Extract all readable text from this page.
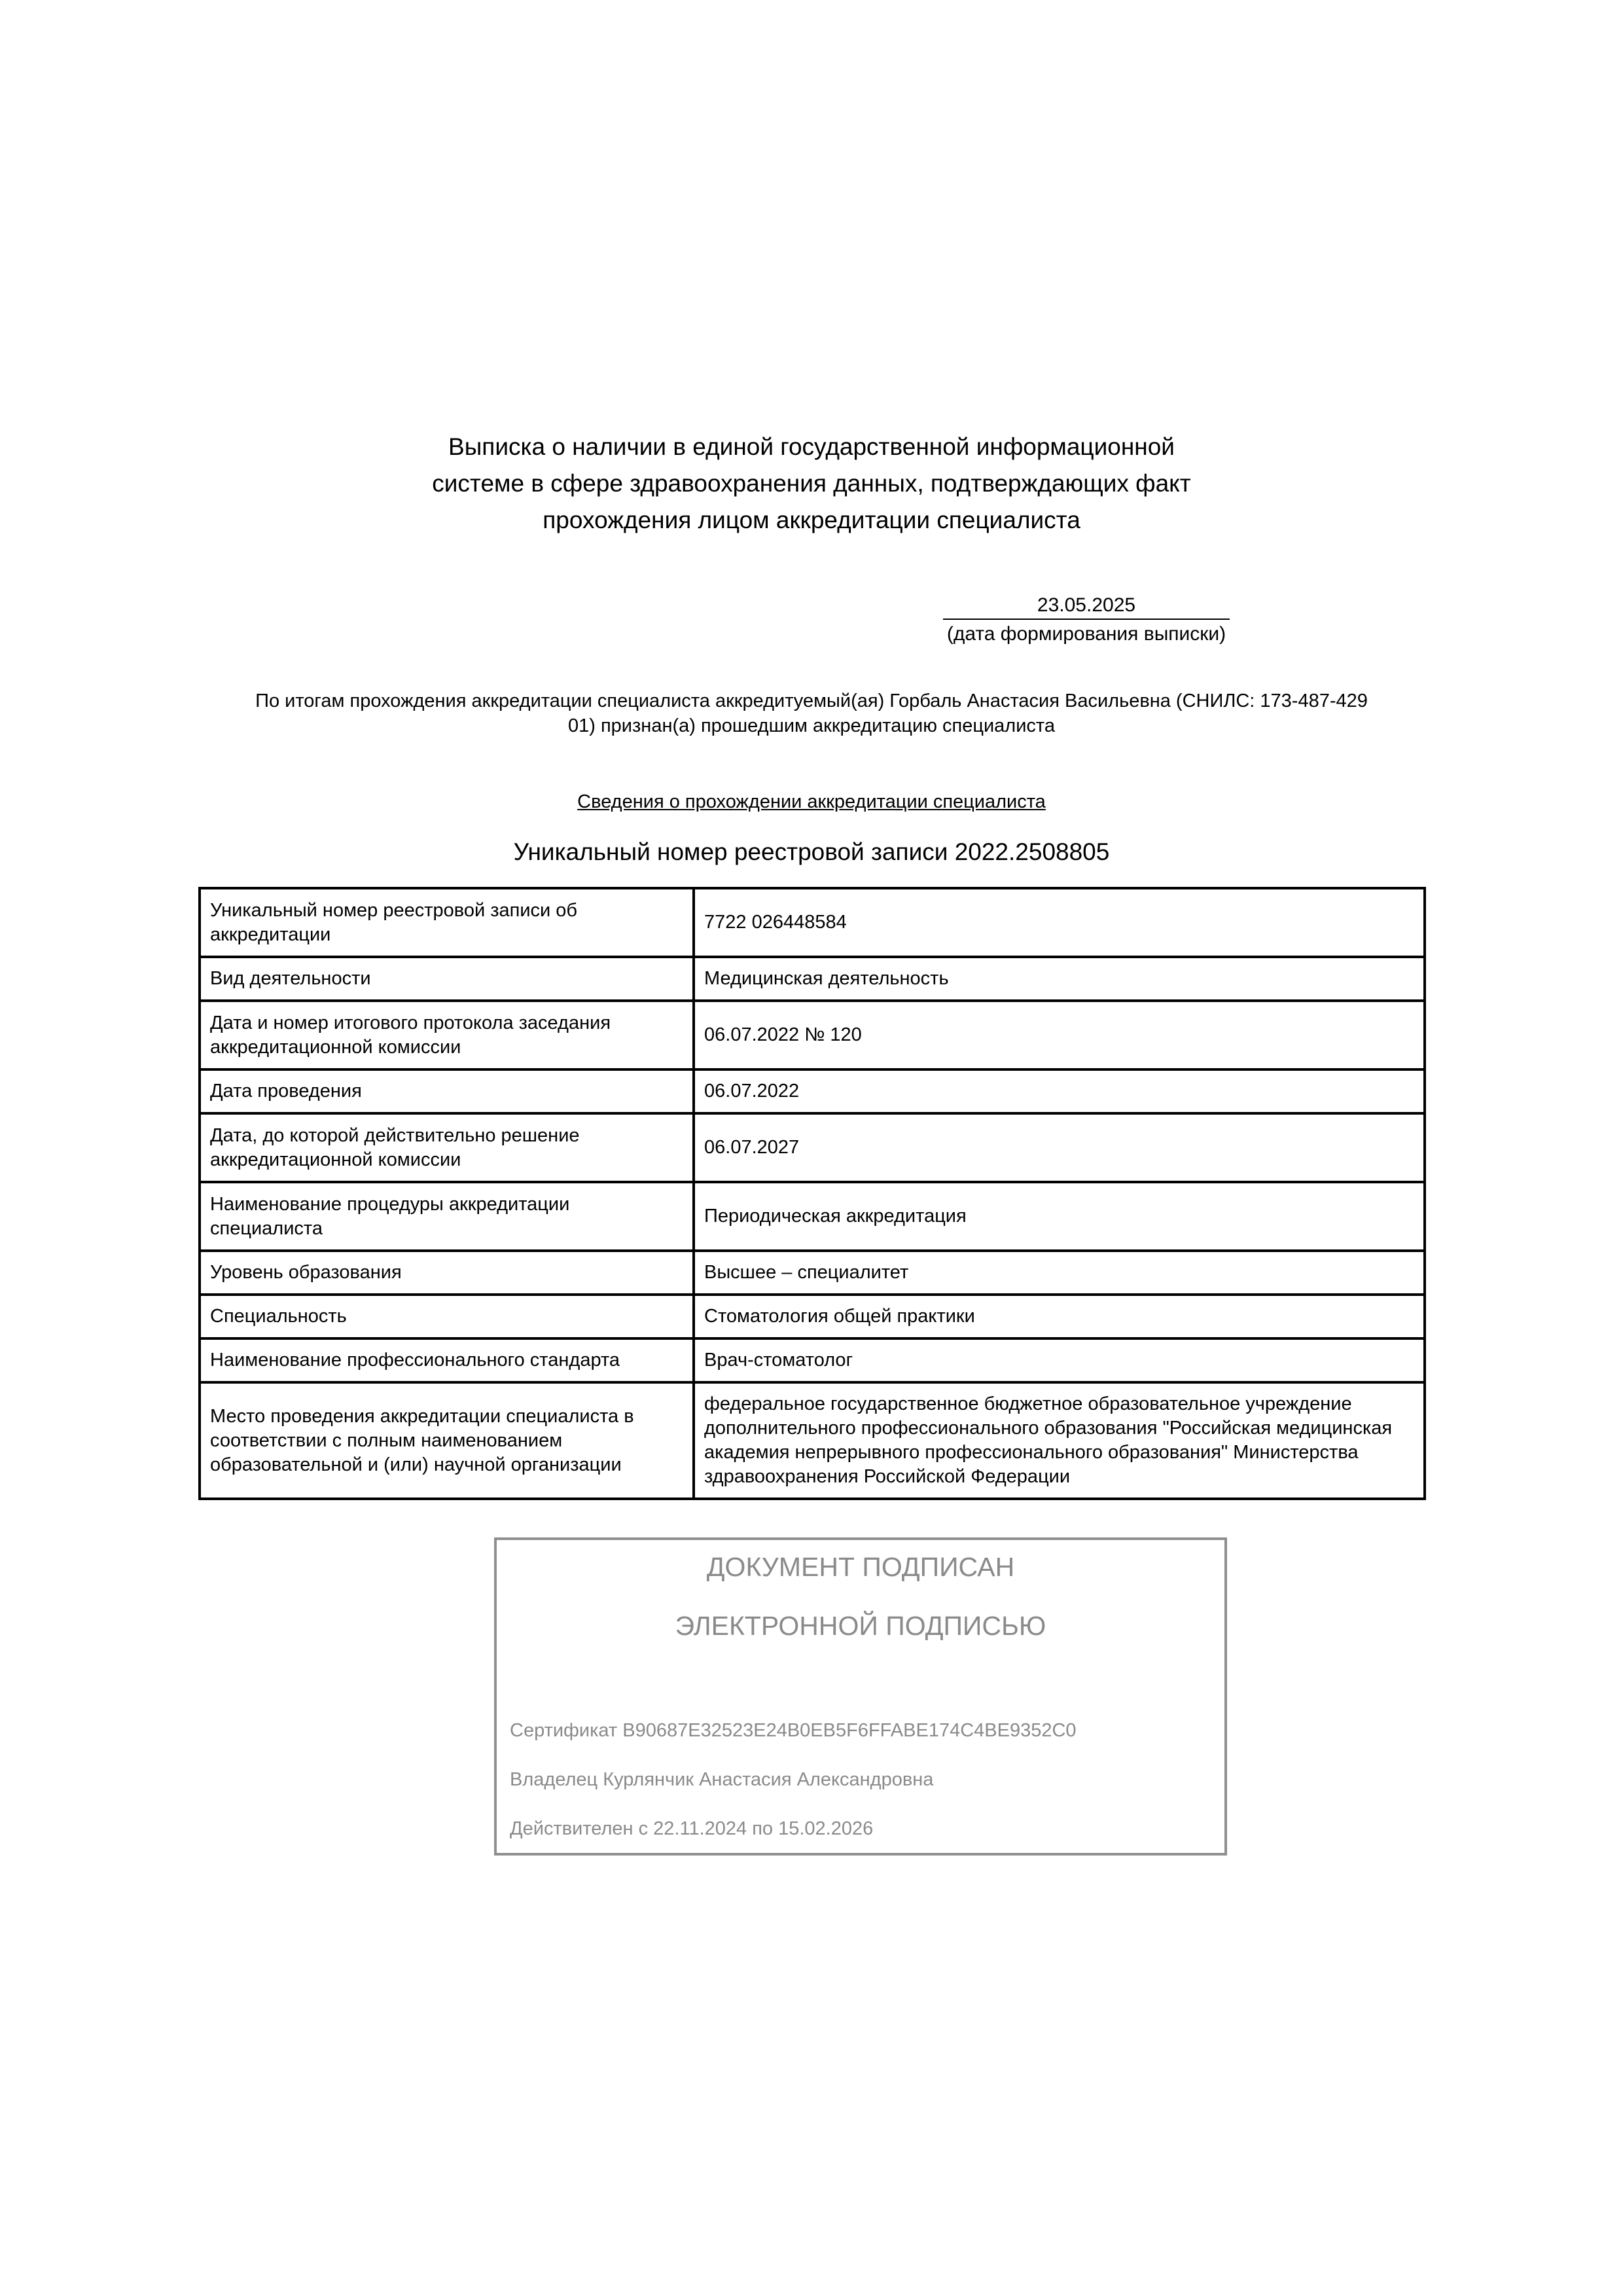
Выписка о наличии в единой государственной информационной
системе в сфере здравоохранения данных, подтверждающих факт
прохождения лицом аккредитации специалиста
23.05.2025
(дата формирования выписки)
По итогам прохождения аккредитации специалиста аккредитуемый(ая) Горбаль Анастасия Васильевна (СНИЛС: 173-487-429
01) признан(а) прошедшим аккредитацию специалиста
Сведения о прохождении аккредитации специалиста
Уникальный номер реестровой записи 2022.2508805
Уникальный номер реестровой записи об аккредитации	7722 026448584
Вид деятельности	Медицинская деятельность
Дата и номер итогового протокола заседания аккредитационной комиссии	06.07.2022 № 120
Дата проведения	06.07.2022
Дата, до которой действительно решение аккредитационной комиссии	06.07.2027
Наименование процедуры аккредитации специалиста	Периодическая аккредитация
Уровень образования	Высшее – специалитет
Специальность	Стоматология общей практики
Наименование профессионального стандарта	Врач-стоматолог
Место проведения аккредитации специалиста в соответствии с полным наименованием образовательной и (или) научной организации	федеральное государственное бюджетное образовательное учреждение дополнительного профессионального образования "Российская медицинская академия непрерывного профессионального образования" Министерства здравоохранения Российской Федерации
ДОКУМЕНТ ПОДПИСАН
ЭЛЕКТРОННОЙ ПОДПИСЬЮ
Сертификат B90687E32523E24B0EB5F6FFABE174C4BE9352C0
Владелец Курлянчик Анастасия Александровна
Действителен с 22.11.2024 по 15.02.2026
